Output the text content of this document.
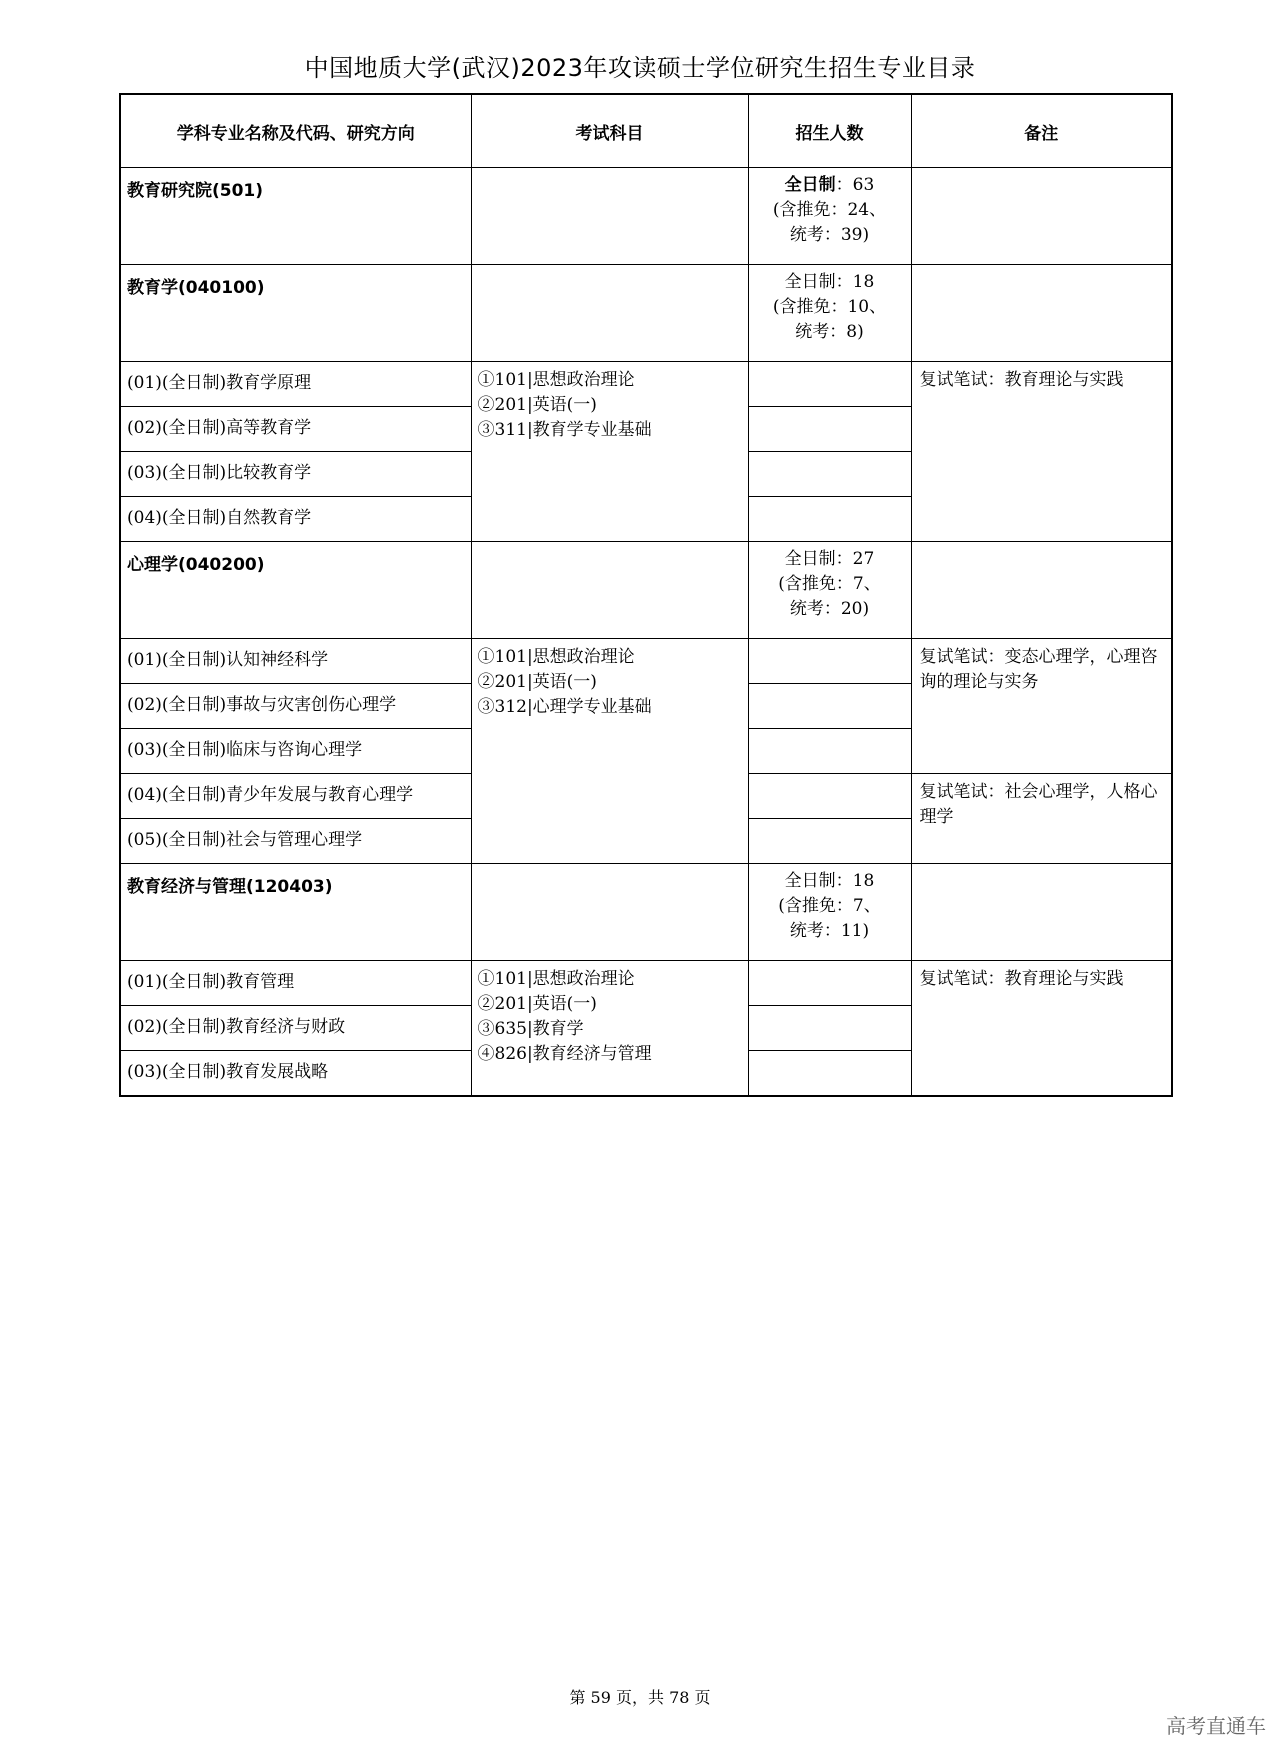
中国地质大学(武汉)2023年攻读硕士学位研究生招生专业目录
学科专业名称及代码、研究方向	考试科目	招生人数	备注
教育研究院(501)		全日制：63
(含推免：24、
统考：39)	

教育学(040100)		全日制：18
(含推免：10、
统考：8)	

(01)(全日制)教育学原理	①101|思想政治理论
②201|英语(一)
③311|教育学专业基础		复试笔试：教育理论与实践
(02)(全日制)高等教育学			
(03)(全日制)比较教育学			
(04)(全日制)自然教育学			
心理学(040200)		全日制：27
(含推免：7、
统考：20)	

(01)(全日制)认知神经科学	①101|思想政治理论
②201|英语(一)
③312|心理学专业基础		复试笔试：变态心理学，心理咨询的理论与实务
(02)(全日制)事故与灾害创伤心理学			
(03)(全日制)临床与咨询心理学			
(04)(全日制)青少年发展与教育心理学			复试笔试：社会心理学，人格心理学
(05)(全日制)社会与管理心理学			
教育经济与管理(120403)		全日制：18
(含推免：7、
统考：11)	

(01)(全日制)教育管理	①101|思想政治理论
②201|英语(一)
③635|教育学
④826|教育经济与管理		复试笔试：教育理论与实践
(02)(全日制)教育经济与财政			
(03)(全日制)教育发展战略			
第 59 页，共 78 页
高考直通车
